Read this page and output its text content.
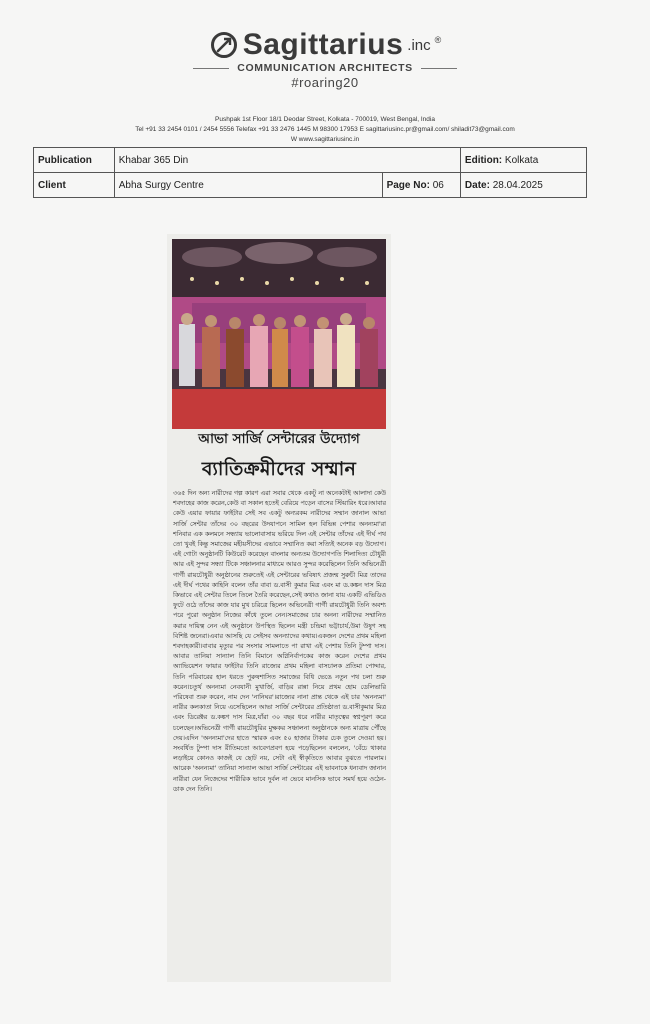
Sagittarius .inc ®
COMMUNICATION ARCHITECTS
#roaring20
Pushpak 1st Floor 18/1 Deodar Street, Kolkata - 700019, West Bengal, India
Tel +91 33 2454 0101 / 2454 5556 Telefax +91 33 2476 1445 M 98300 17953 E sagittariusinc.pr@gmail.com/ shiladit73@gmail.com
W www.sagittariusinc.in
Publication	Khabar 365 Din		Edition: Kolkata
Client	Abha Surgy Centre	Page No: 06	Date: 28.04.2025
আভা সার্জি সেন্টারের উদ্যোগ
ব্যাতিক্রমীদের সম্মান

৩৬৫ দিন অন্য নারীদের গল্প কারণ এরা সবার থেকে একটু না অনেকটাই আলাদা কেউ শবদাহের কাজ করেন,কেউ বা সকাল হতেই বেরিয়ে পড়েন বাসের স্টিয়ারিং ধরে।আবার কেউ এয়ার ফায়ার ফাইটার সেই সব একটু অন্যরকম নারীদের সম্মান জানাল আভা সার্জি সেন্টার তাঁদের ৩০ বছরের উদযাপনে সামিল হল বিভিন্ন পেশার অনন্যমা'রা শনিবার এক কলমনে সন্ধ্যায় ভালোবাসায় ভরিয়ে দিল এই সেন্টার তাঁদের এই দীর্ঘ পথ তো খুবই কিন্তু সমাজের মহীয়সীদের এভাবে সম্মানিত করা সত্যিই অনেক বড় উদ্যোগ।এই গোটা অনুষ্ঠানটি কিউরেট করেছেন বাংলার অন্যতম উদ্যোগপতি শিলাদিত্য চৌধুরী আর এই সুন্দর সন্ধ্যা টিকে সঞ্চালনার মাধ্যমে আরও সুন্দর করেছিলেন তিনি অভিনেত্রী গার্গী রায়চৌধুরী অনুষ্ঠানের শুরুতেই এই সেন্টারের ভবিষ্যৎ প্রজন্ম সুরুচী মিত্র তাদের এই দীর্ঘ পথের কাহিনি বলেন তাঁর বাবা ড.বাসী কুমার মিত্র এবং মা ড.কঙ্কন দাস মিত্র কিভাবে এই সেন্টার তিলে তিলে তৈরি করেছেন,সেই কথাও জানা যায় একটি এভিডিও ফুটে ওঠে তাঁদের কাজ যার মুখ চরিত্রে ছিলেন অভিনেত্রী গার্গী রায়চৌধুরী তিনি অবশ্য পরে পুরো অনুষ্ঠান নিজের কাঁধে তুলে নেন।সমাজের চার অনন্য নারীদের সম্মানিত করার দায়িত্ব নেন এই অনুষ্ঠানে উপস্থিত ছিলেন মন্ত্রী চন্দ্রিমা ভট্টাচার্য,উমা উষুণ সহ বিশিষ্ট জনেরা।এবার আসছি যে সেইসব অনন্যাদের কথায়।একজন দেশের প্রথম মহিলা শবদাহকারী।বাবার মৃত্যুর পর সংসার সামলাতে পা রাখা এই পেশায় তিনি টুম্পা দাস।আবার তানিয়া সান্যাল তিনি বিমানে অগ্নিনির্বাপকের কাজ করেন দেশের প্রথম অ্যাভিয়েশন ফায়ার ফাইটার তিনি রাজ্যের প্রথম মহিলা বাসচালক প্রতিমা পোদ্দার, তিনি পরিবারের হাল ধরতে পুরুষশাসিত সমাজের বিধি ভেঙে নতুন পথ চলা শুরু করেন।চতুর্থ অনন্যমা নেবযানী মুখার্জি, বাড়ির রান্না নিয়ে প্রথম হোম ডেলিভারি পরিষেবা শুরু করেন, নাম দেন 'নানিঘর'।রাজ্যের নানা প্রান্ত থেকে এই চার 'অনন্যমা' নারীর কলকাতা নিয়ে এসেছিলেন আভা সার্জি সেন্টারের প্রতিষ্ঠাতা ড.বাসীকুমার মিত্র এবং ডিরেক্টর ড.কঙ্কণ দাস মিত্র,যাঁরা ৩০ বছর ধরে নারীর মাতৃত্বের স্বপ্নপূরণ করে চলেছেন।অভিনেত্রী গার্গী রায়চৌধুরির মুক্ষকর সঞ্চালনা অনুষ্ঠানকে অন্য মাত্রায় পৌঁছে দেয়।এদিন 'অনন্যমা'দের হাতে স্মারক এবং ৫০ হাজার টাকার চেক তুলে দেওয়া হয়।সংবর্ধিত টুম্পা দাস রীতিমতো আবেগপ্রবণ হয়ে পড়েছিলেন বললেন, 'বেঁচে থাকার লড়াইয়ে কোনও কাজই যে ছোট নয়, সেটা এই স্বীকৃতিতে আবার বুঝতে পারলাম।আরেক 'অনন্যমা' তানিয়া সান্যাল আভা সার্জি সেন্টারের এই ভাবনাকে ধন্যবাদ জানান নারীরা যেন নিজেদের শারীরিক ভাবে দুর্বল না ভেবে মানসিক ভাবে সমর্থ হয়ে ওঠেন- ডাক দেন তিনি।
